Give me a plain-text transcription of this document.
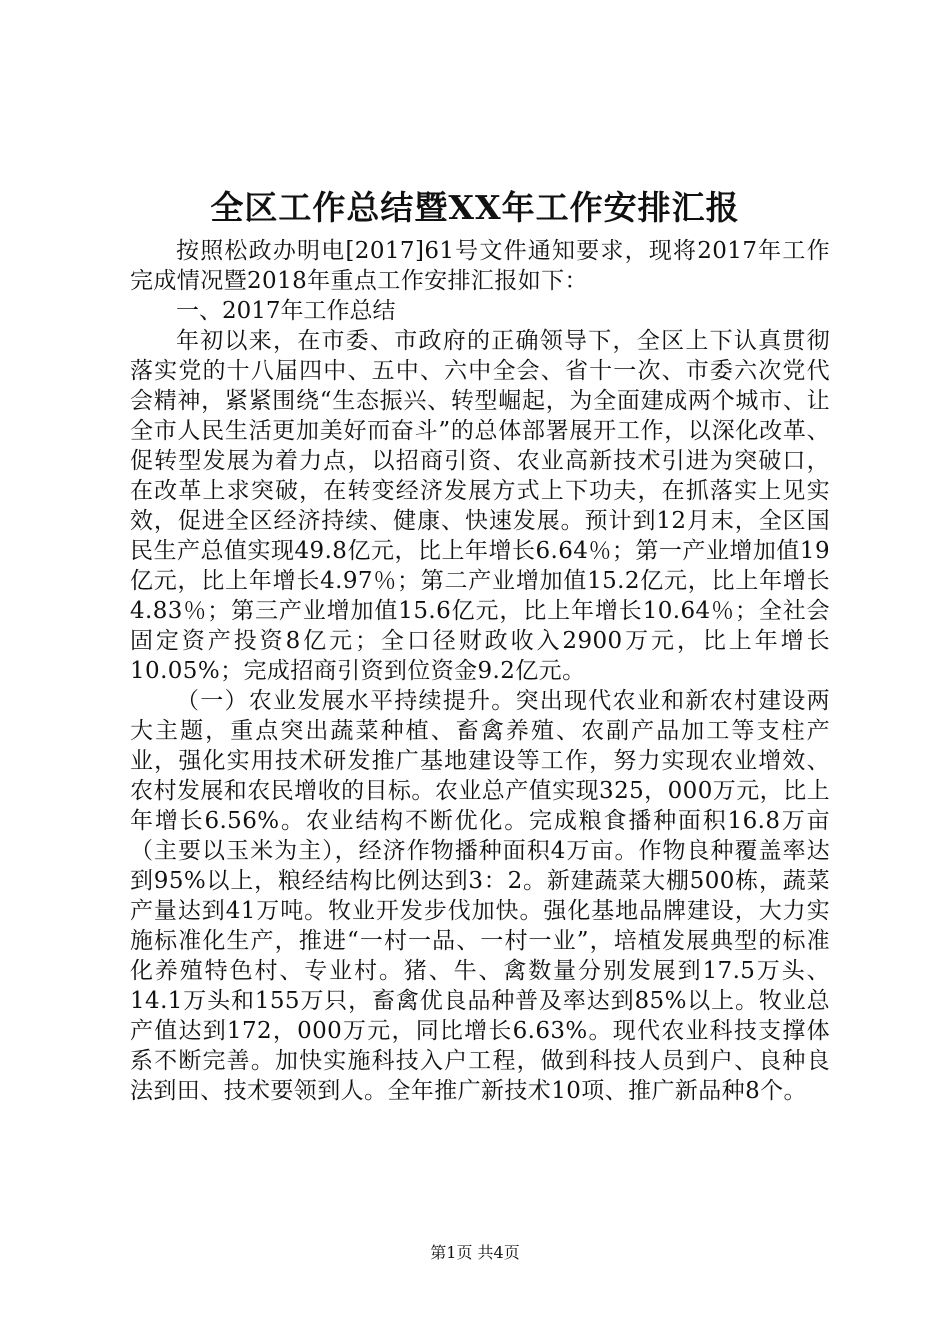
全区工作总结暨XX年工作安排汇报

按照松政办明电[2017]61号文件通知要求，现将2017年工作完成情况暨2018年重点工作安排汇报如下：

一、2017年工作总结

年初以来，在市委、市政府的正确领导下，全区上下认真贯彻落实党的十八届四中、五中、六中全会、省十一次、市委六次党代会精神，紧紧围绕“生态振兴、转型崛起，为全面建成两个城市、让全市人民生活更加美好而奋斗”的总体部署展开工作，以深化改革、促转型发展为着力点，以招商引资、农业高新技术引进为突破口，在改革上求突破，在转变经济发展方式上下功夫，在抓落实上见实效，促进全区经济持续、健康、快速发展。预计到12月末，全区国民生产总值实现49.8亿元，比上年增长6.64％；第一产业增加值19亿元，比上年增长4.97％；第二产业增加值15.2亿元，比上年增长4.83％；第三产业增加值15.6亿元，比上年增长10.64％；全社会固定资产投资8亿元；全口径财政收入2900万元，比上年增长10.05%；完成招商引资到位资金9.2亿元。

（一）农业发展水平持续提升。突出现代农业和新农村建设两大主题，重点突出蔬菜种植、畜禽养殖、农副产品加工等支柱产业，强化实用技术研发推广基地建设等工作，努力实现农业增效、农村发展和农民增收的目标。农业总产值实现325，000万元，比上年增长6.56%。农业结构不断优化。完成粮食播种面积16.8万亩（主要以玉米为主），经济作物播种面积4万亩。作物良种覆盖率达到95%以上，粮经结构比例达到3：2。新建蔬菜大棚500栋，蔬菜产量达到41万吨。牧业开发步伐加快。强化基地品牌建设，大力实施标准化生产，推进“一村一品、一村一业”，培植发展典型的标准化养殖特色村、专业村。猪、牛、禽数量分别发展到17.5万头、14.1万头和155万只，畜禽优良品种普及率达到85%以上。牧业总产值达到172，000万元，同比增长6.63%。现代农业科技支撑体系不断完善。加快实施科技入户工程，做到科技人员到户、良种良法到田、技术要领到人。全年推广新技术10项、推广新品种8个。

第1页 共4页
